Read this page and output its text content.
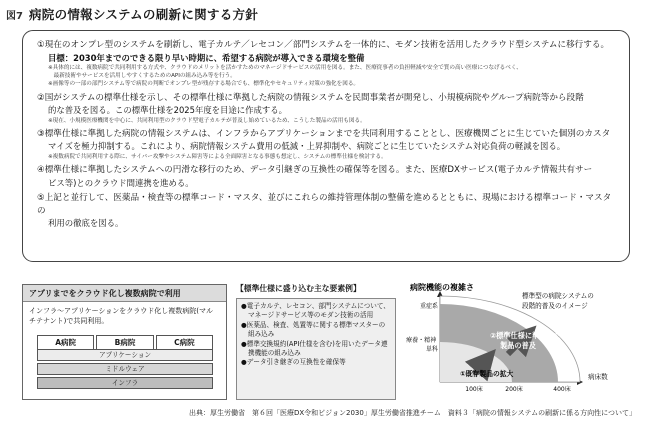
図7 病院の情報システムの刷新に関する方針
①現在のオンプレ型のシステムを刷新し、電子カルテ／レセコン／部門システムを一体的に、モダン技術を活用したクラウド型システムに移行する。
目標：2030年までのできる限り早い時期に、希望する病院が導入できる環境を整備
※具体的には、複数病院で共同利用する方式や、クラウドのメリットを活かすためのマネージドサービスの活用を図る。また、医療従事者の負担軽減や安全で質の高い医療につなげるべく、
　最新技術やサービスを活用しやすくするためのAPIの組み込み等を行う。
※画像等の一部の部門システム等で病院の判断でオンプレ型が残存する場合でも、標準化やセキュリティ対策の強化を図る。
②国がシステムの標準仕様を示し、その標準仕様に準拠した病院の情報システムを民間事業者が開発し、小規模病院やグループ病院等から段階
的な普及を図る。この標準仕様を2025年度を目途に作成する。
※現在、小規模医療機関を中心に、共同利用型のクラウド型電子カルテが普及し始めているため、こうした製品の活用も図る。
③標準仕様に準拠した病院の情報システムは、インフラからアプリケーションまでを共同利用することとし、医療機関ごとに生じていた個別のカスタ
マイズを極力抑制する。これにより、病院情報システム費用の低減・上昇抑制や、病院ごとに生じていたシステム対応負荷の軽減を図る。
※複数病院で共同利用する際に、サイバー攻撃やシステム障害等による全面障害となる事態も想定し、システムの標準仕様を検討する。
④標準仕様に準拠したシステムへの円滑な移行のため、データ引継ぎの互換性の確保等を図る。また、医療DXサービス(電子カルテ情報共有サー
ビス等)とのクラウド間連携を進める。
⑤上記と並行して、医薬品・検査等の標準コード・マスタ、並びにこれらの維持管理体制の整備を進めるとともに、現場における標準コード・マスタの
利用の徹底を図る。
アプリまでをクラウド化し複数病院で利用
インフラ～アプリケーションをクラウド化し複数病院(マルチテナント)で共同利用。
A病院	B病院	C病院
アプリケーション
ミドルウェア
インフラ
【標準仕様に盛り込む主な要素例】
●電子カルテ、レセコン、部門システムについて、マネージドサービス等のモダン技術の活用
●医薬品、検査、処置等に関する標準マスターの組み込み
●標準交換規約(API仕様を含む)を用いたデータ連携機能の組み込み
●データ引き継ぎの互換性を確保等
病院機能の複雑さ
重症系
療養・精神 単科
②標準仕様に準拠した 製品の普及
①既存製品の拡大
100床	200床	400床
病床数
標準型の病院システムの 段階的普及のイメージ
出典：厚生労働省　第６回「医療DX令和ビジョン2030」厚生労働省推進チーム　資料３「病院の情報システムの刷新に係る方向性について」
